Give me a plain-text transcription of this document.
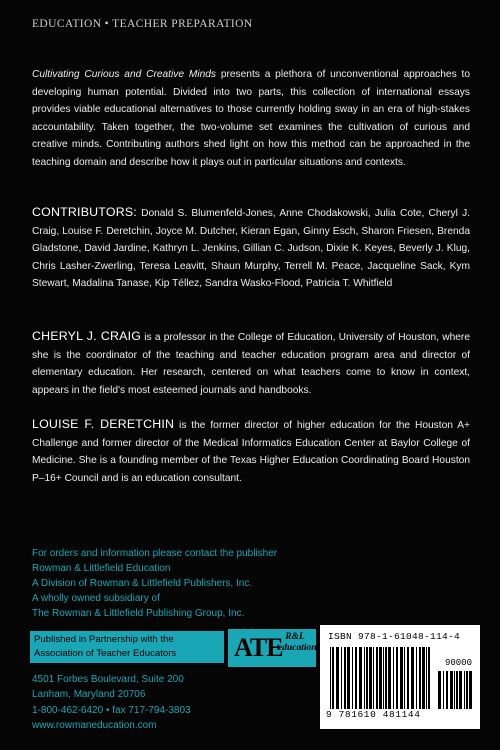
EDUCATION • TEACHER PREPARATION
Cultivating Curious and Creative Minds presents a plethora of unconventional approaches to developing human potential. Divided into two parts, this collection of international essays provides viable educational alternatives to those currently holding sway in an era of high-stakes accountability. Taken together, the two-volume set examines the cultivation of curious and creative minds. Contributing authors shed light on how this method can be approached in the teaching domain and describe how it plays out in particular situations and contexts.
CONTRIBUTORS: Donald S. Blumenfeld-Jones, Anne Chodakowski, Julia Cote, Cheryl J. Craig, Louise F. Deretchin, Joyce M. Dutcher, Kieran Egan, Ginny Esch, Sharon Friesen, Brenda Gladstone, David Jardine, Kathryn L. Jenkins, Gillian C. Judson, Dixie K. Keyes, Beverly J. Klug, Chris Lasher-Zwerling, Teresa Leavitt, Shaun Murphy, Terrell M. Peace, Jacqueline Sack, Kym Stewart, Madalina Tanase, Kip Téllez, Sandra Wasko-Flood, Patricia T. Whitfield
CHERYL J. CRAIG is a professor in the College of Education, University of Houston, where she is the coordinator of the teaching and teacher education program area and director of elementary education. Her research, centered on what teachers come to know in context, appears in the field's most esteemed journals and handbooks.
LOUISE F. DERETCHIN is the former director of higher education for the Houston A+ Challenge and former director of the Medical Informatics Education Center at Baylor College of Medicine. She is a founding member of the Texas Higher Education Coordinating Board Houston P–16+ Council and is an education consultant.
For orders and information please contact the publisher
Rowman & Littlefield Education
A Division of Rowman & Littlefield Publishers, Inc.
A wholly owned subsidiary of
The Rowman & Littlefield Publishing Group, Inc.
Published in Partnership with the
Association of Teacher Educators	ATE R&L
education
4501 Forbes Boulevard, Suite 200
Lanham, Maryland 20706
1-800-462-6420 • fax 717-794-3803
www.rowmaneducation.com
ISBN 978-1-61048-114-4
90000
9 781610 481144
